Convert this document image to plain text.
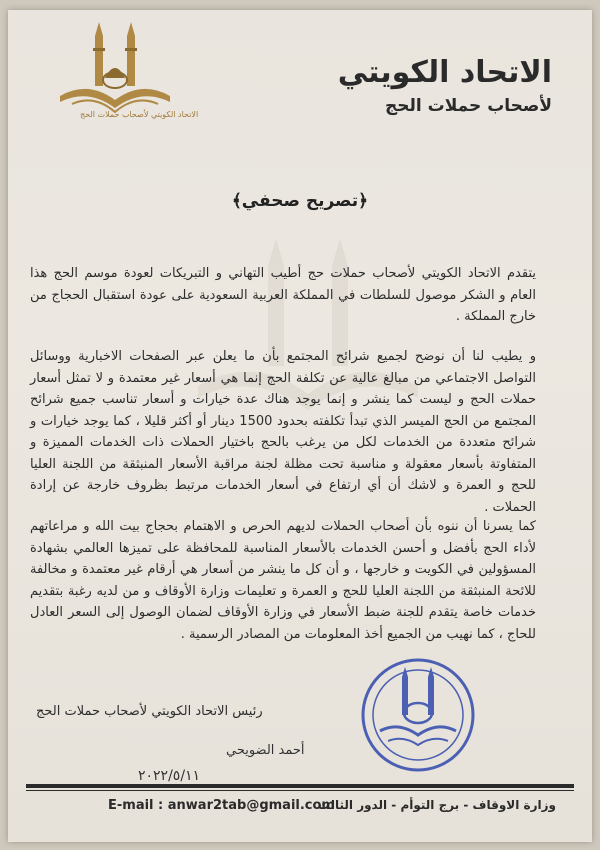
الاتحاد الكويتي لأصحاب حملات الحج
الاتحاد الكويتي
لأصحاب حملات الحج
﴿تصريح صحفي﴾
يتقدم الاتحاد الكويتي لأصحاب حملات حج أطيب التهاني و التبريكات لعودة موسم الحج هذا العام و الشكر موصول للسلطات في المملكة العربية السعودية على عودة استقبال الحجاج من خارج المملكة .
و يطيب لنا أن نوضح لجميع شرائح المجتمع بأن ما يعلن عبر الصفحات الاخبارية ووسائل التواصل الاجتماعي من مبالغ عالية عن تكلفة الحج إنما هي أسعار غير معتمدة و لا تمثل أسعار حملات الحج و ليست كما ينشر و إنما يوجد هناك عدة خيارات و أسعار تناسب جميع شرائح المجتمع من الحج الميسر الذي تبدأ تكلفته بحدود 1500 دينار أو أكثر قليلا ، كما يوجد خيارات و شرائح متعددة من الخدمات لكل من يرغب بالحج باختيار الحملات ذات الخدمات المميزة و المتفاوتة بأسعار معقولة و مناسبة تحت مظلة لجنة مراقبة الأسعار المنبثقة من اللجنة العليا للحج و العمرة و لاشك أن أي ارتفاع في أسعار الخدمات مرتبط بظروف خارجة عن إرادة الحملات .
كما يسرنا أن ننوه بأن أصحاب الحملات لديهم الحرص و الاهتمام بحجاج بيت الله و مراعاتهم لأداء الحج بأفضل و أحسن الخدمات بالأسعار المناسبة للمحافظة على تميزها العالمي بشهادة المسؤولين في الكويت و خارجها ، و أن كل ما ينشر من أسعار هي أرقام غير معتمدة و مخالفة للائحة المنبثقة من اللجنة العليا للحج و العمرة و تعليمات وزارة الأوقاف و من لديه رغبة بتقديم خدمات خاصة يتقدم للجنة ضبط الأسعار في وزارة الأوقاف لضمان الوصول إلى السعر العادل للحاج ، كما نهيب من الجميع أخذ المعلومات من المصادر الرسمية .
رئيس الاتحاد الكويتي لأصحاب حملات الحج
أحمد الضويحي
٢٠٢٢/٥/١١
E-mail : anwar2tab@gmail.com
وزارة الاوقاف - برج التوأم - الدور الثالث
